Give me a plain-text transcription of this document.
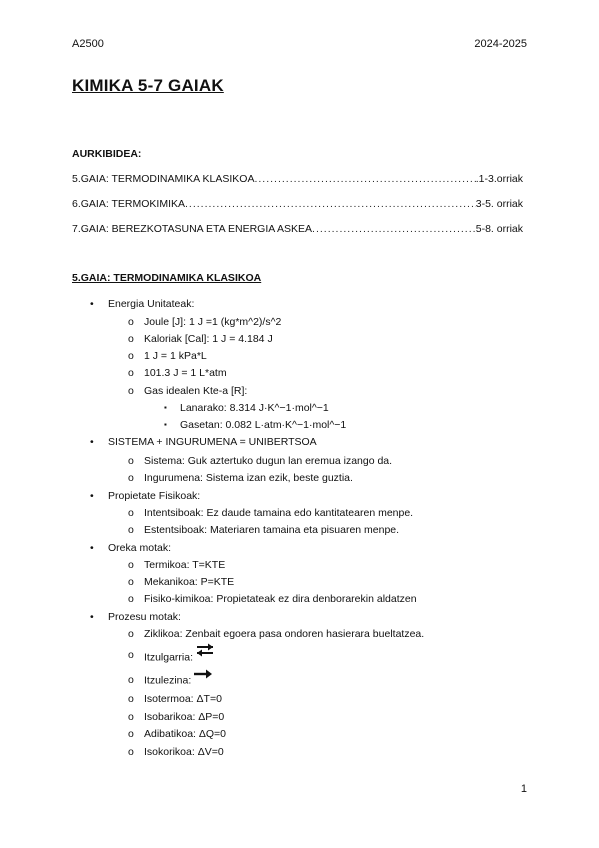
A2500	2024-2025
KIMIKA 5-7 GAIAK
AURKIBIDEA:
5.GAIA: TERMODINAMIKA KLASIKOA .....	.1-3.orriak
6.GAIA: TERMOKIMIKA .....	3-5. orriak
7.GAIA: BEREZKOTASUNA ETA ENERGIA ASKEA .....	5-8. orriak
5.GAIA: TERMODINAMIKA KLASIKOA
• Energia Unitateak:
o Joule [J]: 1 J =1 (kg*m^2)/s^2
o Kaloriak [Cal]: 1 J = 4.184 J
o 1 J = 1 kPa*L
o 101.3 J = 1 L*atm
o Gas idealen Kte-a [R]:
▪ Lanarako: 8.314 J·K^−1·mol^−1
▪ Gasetan: 0.082 L·atm·K^−1·mol^−1
• SISTEMA + INGURUMENA = UNIBERTSOA
o Sistema: Guk aztertuko dugun lan eremua izango da.
o Ingurumena: Sistema izan ezik, beste guztia.
• Propietate Fisikoak:
o Intentsiboak: Ez daude tamaina edo kantitatearen menpe.
o Estentsiboak: Materiaren tamaina eta pisuaren menpe.
• Oreka motak:
o Termikoa: T=KTE
o Mekanikoa: P=KTE
o Fisiko-kimikoa: Propietateak ez dira denborarekin aldatzen
• Prozesu motak:
o Ziklikoa: Zenbait egoera pasa ondoren hasierara bueltatzea.
o Itzulgarria:
o Itzulezina:
o Isotermoa: ΔT=0
o Isobarikoa: ΔP=0
o Adibatikoa: ΔQ=0
o Isokorikoa: ΔV=0
1
